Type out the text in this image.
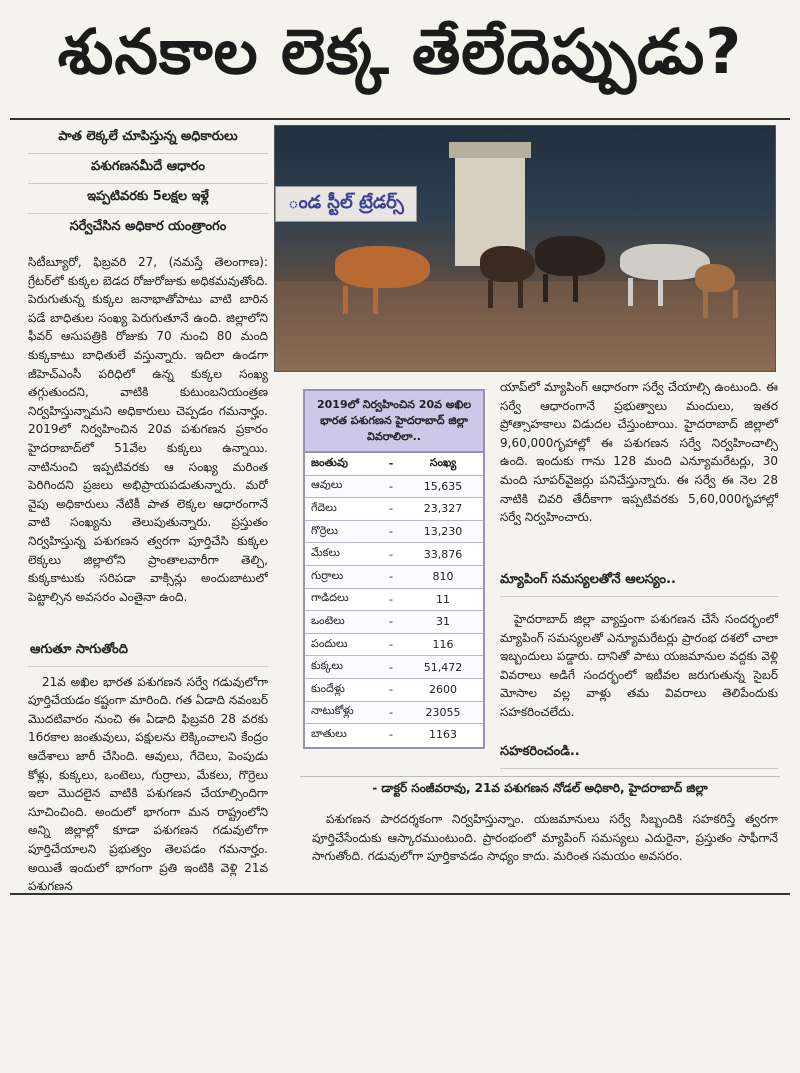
శునకాల లెక్క తేలేదెప్పుడు?
పాత లెక్కలే చూపిస్తున్న అధికారులు
పశుగణనమీదే ఆధారం
ఇప్పటివరకు 5లక్షల ఇళ్లే
సర్వేచేసిన అధికార యంత్రాంగం
ండ స్టీల్ ట్రేడర్స్

సిటీబ్యూరో, ఫిబ్రవరి 27, (నమస్తే తెలంగాణ): గ్రేటర్‌లో కుక్కల బెడద రోజురోజుకు అధికమవుతోంది. పెరుగుతున్న కుక్కల జనాభాతోపాటు వాటి బారిన పడే బాధితుల సంఖ్య పెరుగుతూనే ఉంది. జిల్లాలోని ఫీవర్ ఆసుపత్రికి రోజుకు 70 నుంచి 80 మంది కుక్కకాటు బాధితులే వస్తున్నారు. ఇదిలా ఉండగా జీహెచ్ఎంసీ పరిధిలో ఉన్న కుక్కల సంఖ్య తగ్గుతుందని, వాటికి కుటుంబనియంత్రణ నిర్వహిస్తున్నామని అధికారులు చెప్పడం గమనార్హం. 2019లో నిర్వహించిన 20వ పశుగణన ప్రకారం హైదరాబాద్‌లో 51వేల కుక్కలు ఉన్నాయి. నాటినుంచి ఇప్పటివరకు ఆ సంఖ్య మరింత పెరిగిందని ప్రజలు అభిప్రాయపడుతున్నారు. మరో వైపు అధికారులు నేటికీ పాత లెక్కల ఆధారంగానే వాటి సంఖ్యను తెలుపుతున్నారు. ప్రస్తుతం నిర్వహిస్తున్న పశుగణన త్వరగా పూర్తిచేసి కుక్కల లెక్కలు జిల్లాలోని ప్రాంతాలవారీగా తెల్చి, కుక్కకాటుకు సరిపడా వాక్సిన్లు అందుబాటులో పెట్టాల్సిన అవసరం ఎంతైనా ఉంది.

ఆగుతూ సాగుతోంది

21వ అఖిల భారత పశుగణన సర్వే గడువులోగా పూర్తిచేయడం కష్టంగా మారింది. గత ఏడాది నవంబర్ మొదటివారం నుంచి ఈ ఏడాది ఫిబ్రవరి 28 వరకు 16రకాల జంతువులు, పక్షులను లెక్కించాలని కేంద్రం ఆదేశాలు జారీ చేసింది. ఆవులు, గేదెలు, పెంపుడు కోళ్లు, కుక్కలు, ఒంటెలు, గుర్రాలు, మేకలు, గొర్రెలు ఇలా మొదలైన వాటికి పశుగణన చేయాల్సిందిగా సూచించింది. అందులో భాగంగా మన రాష్ట్రంలోని అన్ని జిల్లాల్లో కూడా పశుగణన గడువులోగా పూర్తిచేయాలని ప్రభుత్వం తెలపడం గమనార్హం. అయితే ఇందులో భాగంగా ప్రతి ఇంటికి వెళ్లి 21వ పశుగణన

2019లో నిర్వహించిన 20వ అఖిల భారత పశుగణన హైదరాబాద్ జిల్లా వివరాలిలా..
జంతువు	-	సంఖ్య
ఆవులు	-	15,635
గేదెలు	-	23,327
గొర్రెలు	-	13,230
మేకలు	-	33,876
గుర్రాలు	-	810
గాడిదలు	-	11
ఒంటెలు	-	31
పందులు	-	116
కుక్కలు	-	51,472
కుందేళ్లు	-	2600
నాటుకోళ్లు	-	23055
బాతులు	-	1163

యాప్‌లో మ్యాపింగ్ ఆధారంగా సర్వే చేయాల్సి ఉంటుంది. ఈ సర్వే ఆధారంగానే ప్రభుత్వాలు మందులు, ఇతర ప్రోత్సాహకాలు విడుదల చేస్తుంటాయి. హైదరాబాద్ జిల్లాలో 9,60,000గృహాల్లో ఈ పశుగణన సర్వే నిర్వహించాల్సి ఉంది. ఇందుకు గాను 128 మంది ఎన్యూమరేటర్లు, 30 మంది సూపర్‌వైజర్లు పనిచేస్తున్నారు. ఈ సర్వే ఈ నెల 28 నాటికి చివరి తేదీకాగా ఇప్పటివరకు 5,60,000గృహాల్లో సర్వే నిర్వహించారు.

మ్యాపింగ్ సమస్యలతోనే ఆలస్యం..

హైదరాబాద్ జిల్లా వ్యాప్తంగా పశుగణన చేసే సందర్భంలో మ్యాపింగ్ సమస్యలతో ఎన్యూమరేటర్లు ప్రారంభ దశలో చాలా ఇబ్బందులు పడ్డారు. దానితో పాటు యజమానుల వద్దకు వెళ్లి వివరాలు అడిగే సందర్భంలో ఇటీవల జరుగుతున్న సైబర్ మోసాల వల్ల వాళ్లు తమ వివరాలు తెలిపేందుకు సహకరించలేదు.

సహకరించండి..
- డాక్టర్ సంజీవరావు, 21వ పశుగణన నోడల్ అధికారి, హైదరాబాద్ జిల్లా

పశుగణన పారదర్శకంగా నిర్వహిస్తున్నాం. యజమానులు సర్వే సిబ్బందికి సహకరిస్తే త్వరగా పూర్తిచేసేందుకు ఆస్కారముంటుంది. ప్రారంభంలో మ్యాపింగ్ సమస్యలు ఎదురైనా, ప్రస్తుతం సాఫీగానే సాగుతోంది. గడువులోగా పూర్తికావడం సాధ్యం కాదు. మరింత సమయం అవసరం.
